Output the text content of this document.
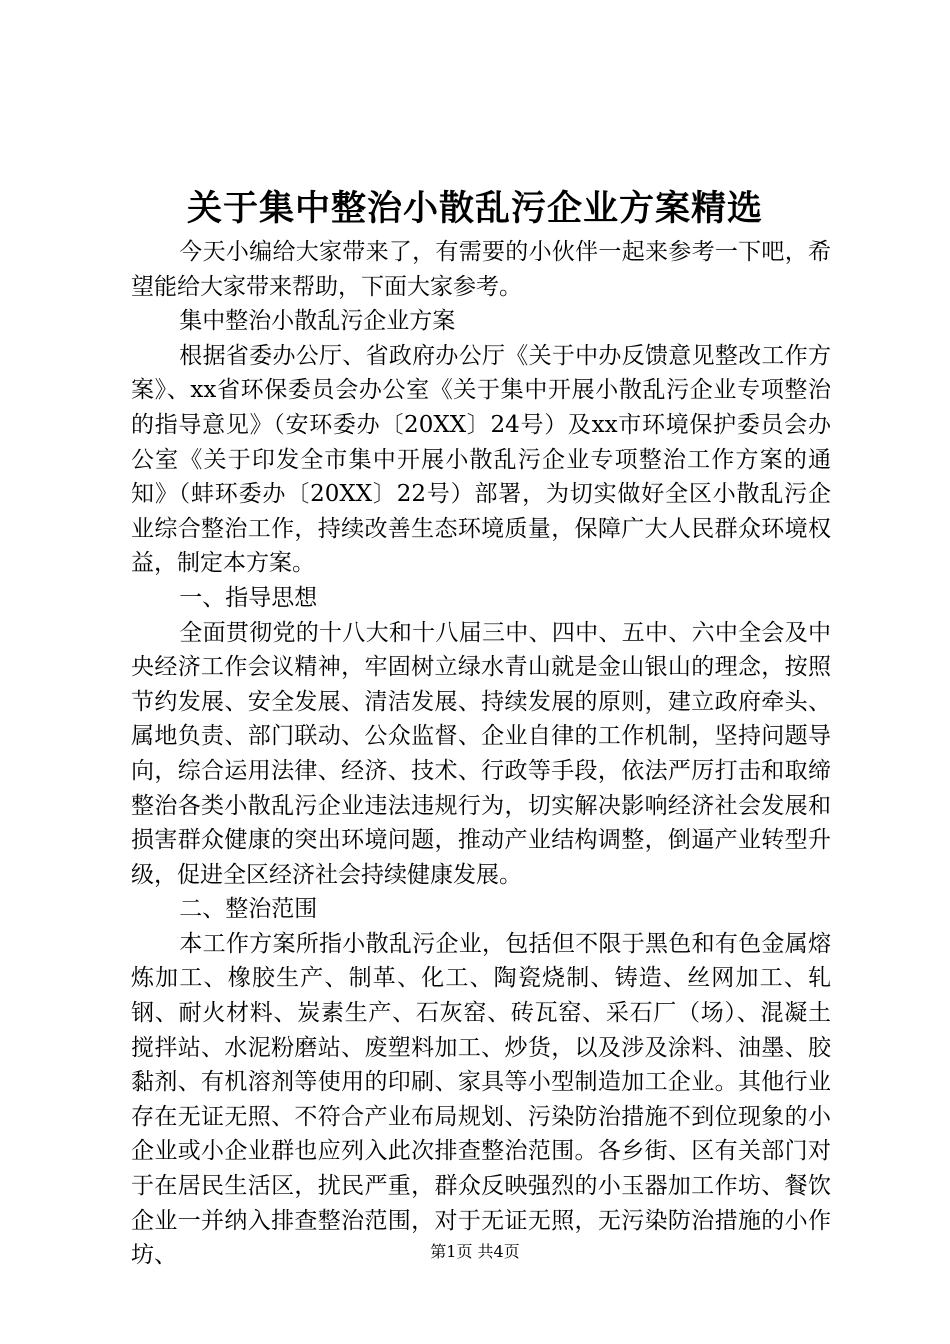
关于集中整治小散乱污企业方案精选

今天小编给大家带来了，有需要的小伙伴一起来参考一下吧，希望能给大家带来帮助，下面大家参考。

集中整治小散乱污企业方案

根据省委办公厅、省政府办公厅《关于中办反馈意见整改工作方案》、xx省环保委员会办公室《关于集中开展小散乱污企业专项整治的指导意见》（安环委办〔20XX〕24号）及xx市环境保护委员会办公室《关于印发全市集中开展小散乱污企业专项整治工作方案的通知》（蚌环委办〔20XX〕22号）部署，为切实做好全区小散乱污企业综合整治工作，持续改善生态环境质量，保障广大人民群众环境权益，制定本方案。

一、指导思想

全面贯彻党的十八大和十八届三中、四中、五中、六中全会及中央经济工作会议精神，牢固树立绿水青山就是金山银山的理念，按照节约发展、安全发展、清洁发展、持续发展的原则，建立政府牵头、属地负责、部门联动、公众监督、企业自律的工作机制，坚持问题导向，综合运用法律、经济、技术、行政等手段，依法严厉打击和取缔整治各类小散乱污企业违法违规行为，切实解决影响经济社会发展和损害群众健康的突出环境问题，推动产业结构调整，倒逼产业转型升级，促进全区经济社会持续健康发展。

二、整治范围

本工作方案所指小散乱污企业，包括但不限于黑色和有色金属熔炼加工、橡胶生产、制革、化工、陶瓷烧制、铸造、丝网加工、轧钢、耐火材料、炭素生产、石灰窑、砖瓦窑、采石厂（场）、混凝土搅拌站、水泥粉磨站、废塑料加工、炒货，以及涉及涂料、油墨、胶黏剂、有机溶剂等使用的印刷、家具等小型制造加工企业。其他行业存在无证无照、不符合产业布局规划、污染防治措施不到位现象的小企业或小企业群也应列入此次排查整治范围。各乡街、区有关部门对于在居民生活区，扰民严重，群众反映强烈的小玉器加工作坊、餐饮企业一并纳入排查整治范围，对于无证无照，无污染防治措施的小作坊、	第1页 共4页
